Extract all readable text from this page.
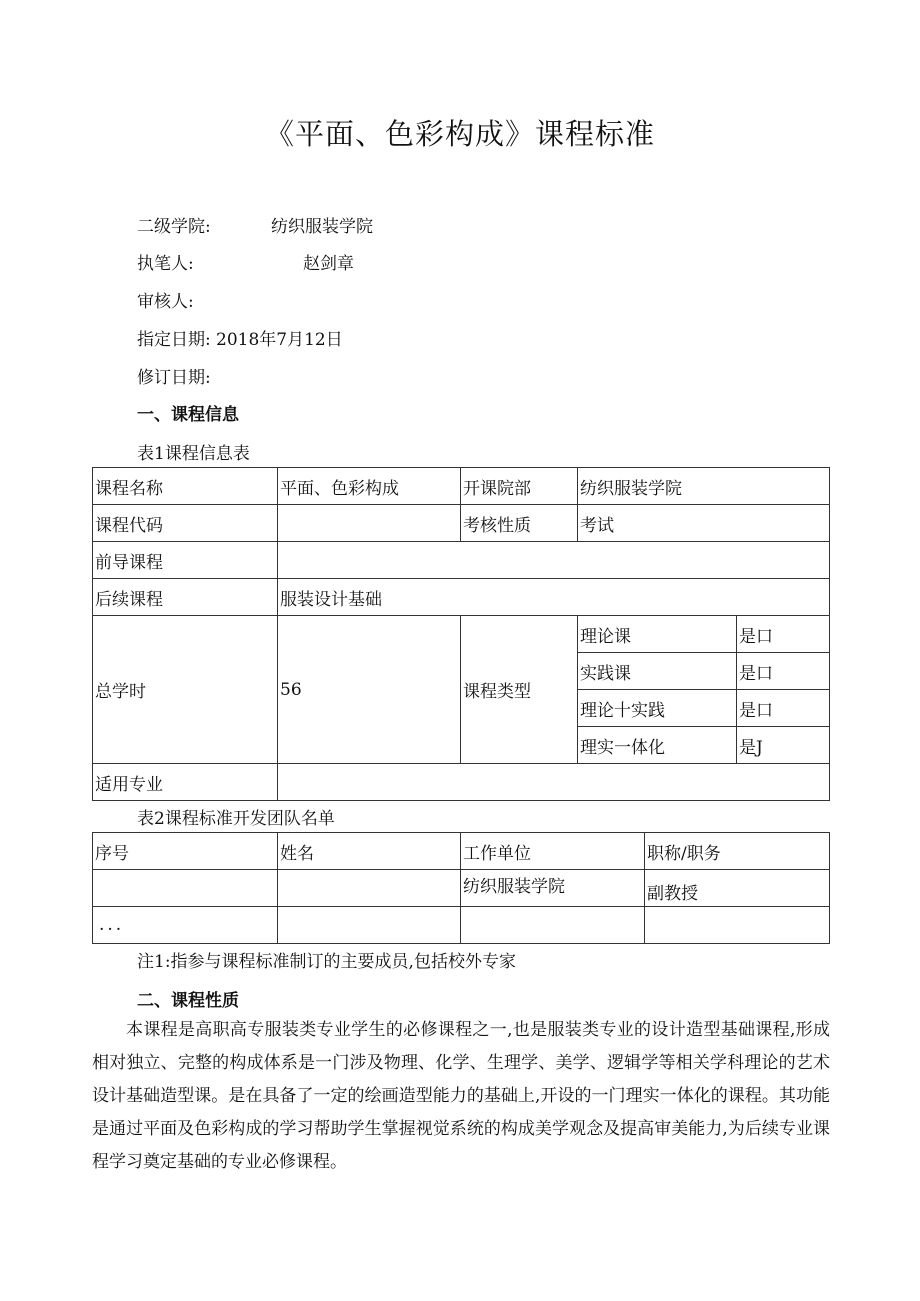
《平面、色彩构成》课程标准
二级学院:	纺织服装学院
执笔人:	赵剑章
审核人:
指定日期: 2018年7月12日
修订日期:
一、课程信息
表1课程信息表
课程名称	平面、色彩构成	开课院部	纺织服装学院	
课程代码		考核性质	考试	
前导课程				
后续课程	服装设计基础			
总学时	56	课程类型	理论课	是口
			实践课	是口
			理论十实践	是口
			理实一体化	是J
适用专业				
表2课程标准开发团队名单
序号	姓名	工作单位	职称/职务
		纺织服装学院	副教授
...			
注1:指参与课程标准制订的主要成员,包括校外专家
二、课程性质
本课程是高职高专服装类专业学生的必修课程之一,也是服装类专业的设计造型基础课程,形成相对独立、完整的构成体系是一门涉及物理、化学、生理学、美学、逻辑学等相关学科理论的艺术设计基础造型课。是在具备了一定的绘画造型能力的基础上,开设的一门理实一体化的课程。其功能是通过平面及色彩构成的学习帮助学生掌握视觉系统的构成美学观念及提高审美能力,为后续专业课程学习奠定基础的专业必修课程。
